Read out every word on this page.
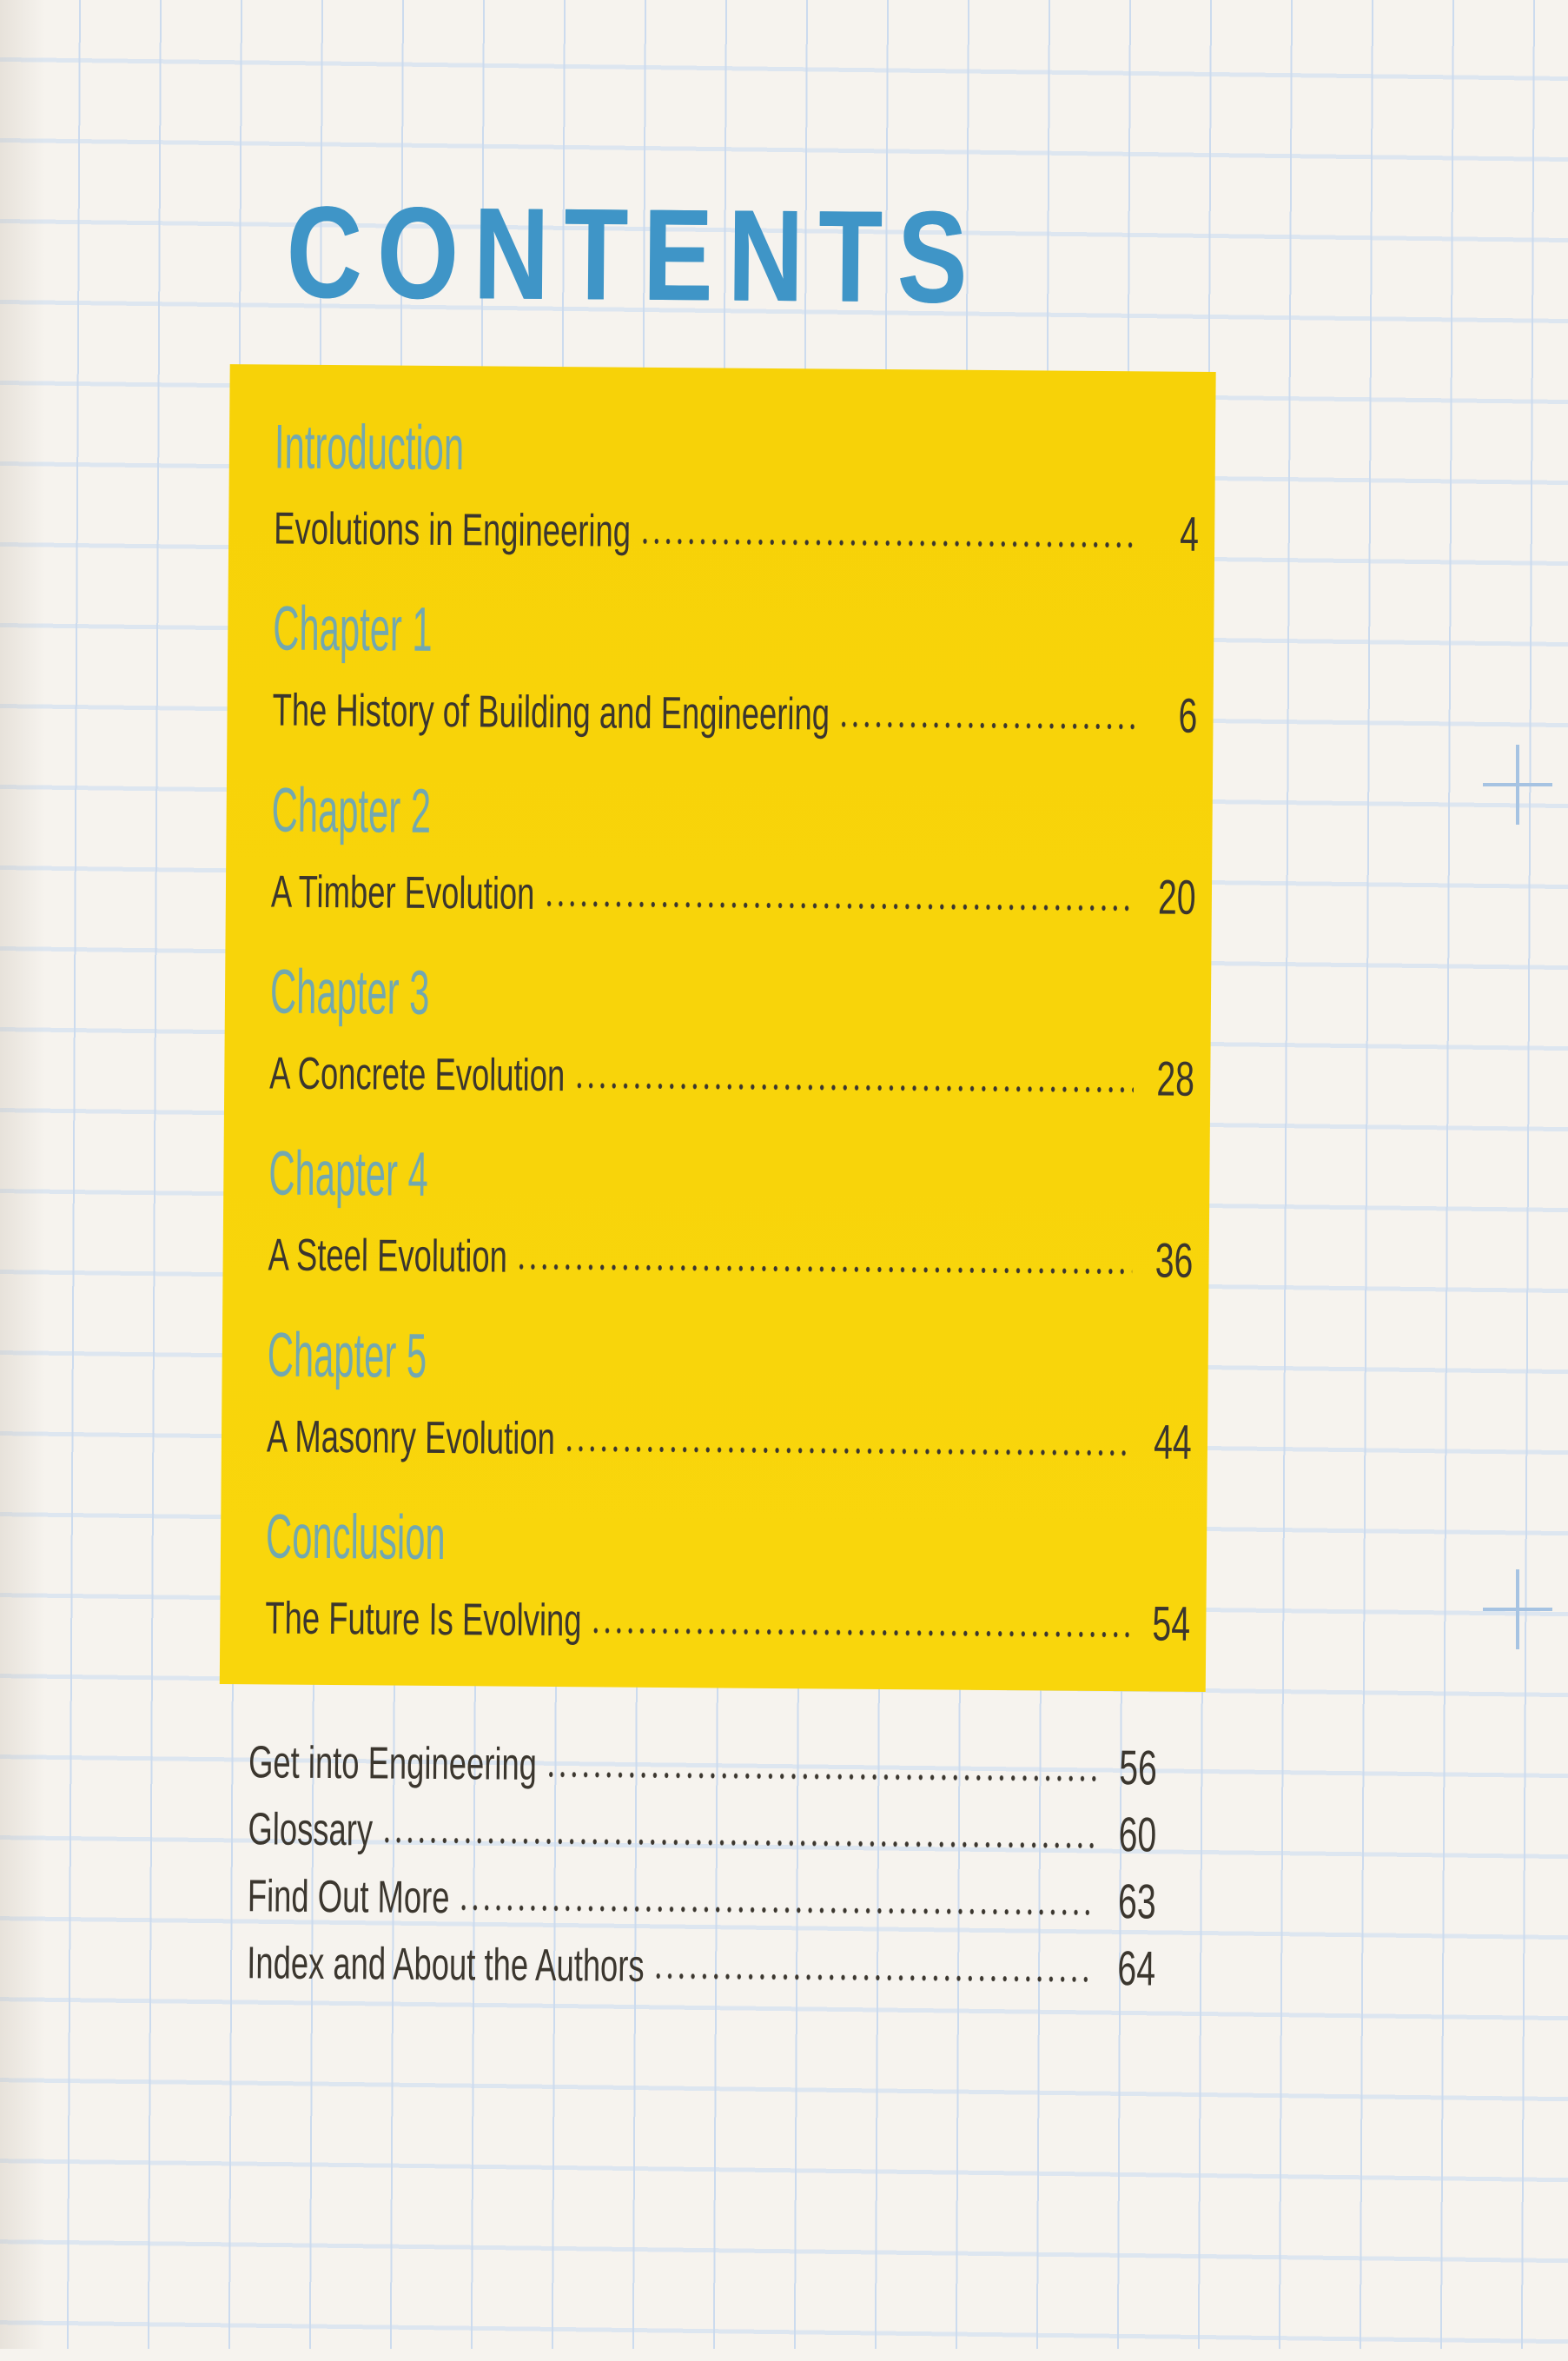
CONTENTS
Introduction
Evolutions in Engineering	4
Chapter 1
The History of Building and Engineering	6
Chapter 2
A Timber Evolution	20
Chapter 3
A Concrete Evolution	28
Chapter 4
A Steel Evolution	36
Chapter 5
A Masonry Evolution	44
Conclusion
The Future Is Evolving	54
Get into Engineering	56
Glossary	60
Find Out More	63
Index and About the Authors	64
